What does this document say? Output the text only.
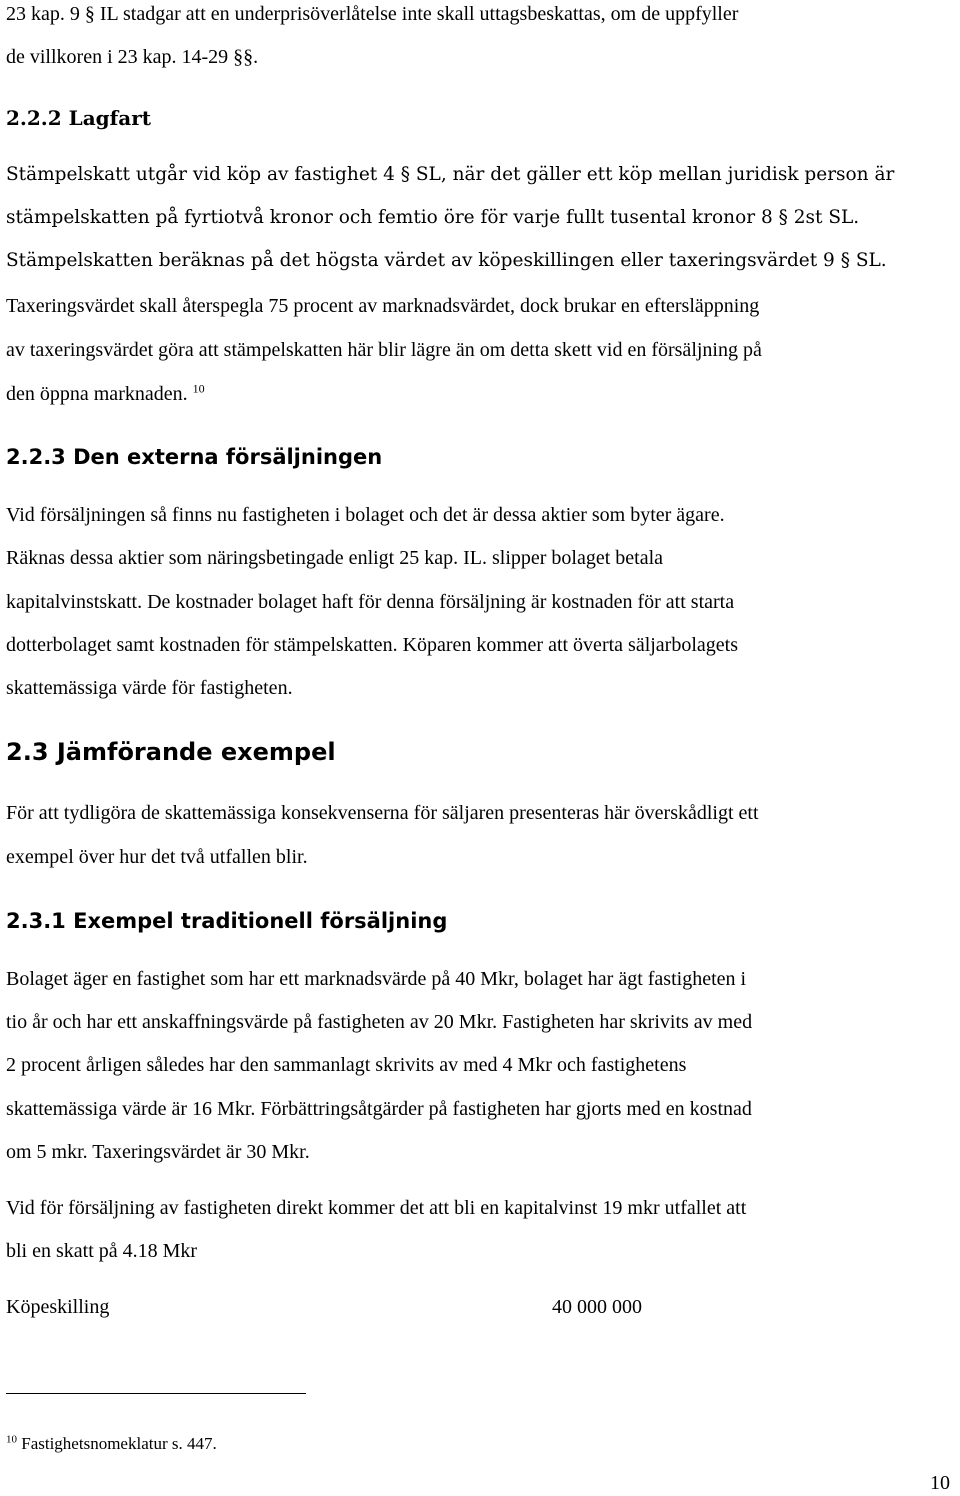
23 kap. 9 § IL stadgar att en underprisöverlåtelse inte skall uttagsbeskattas, om de uppfyller
de villkoren i 23 kap. 14-29 §§.
2.2.2 Lagfart
Stämpelskatt utgår vid köp av fastighet 4 § SL, när det gäller ett köp mellan juridisk person är
stämpelskatten på fyrtiotvå kronor och femtio öre för varje fullt tusental kronor 8 § 2st SL.
Stämpelskatten beräknas på det högsta värdet av köpeskillingen eller taxeringsvärdet 9 § SL.
Taxeringsvärdet skall återspegla 75 procent av marknadsvärdet, dock brukar en eftersläppning
av taxeringsvärdet göra att stämpelskatten här blir lägre än om detta skett vid en försäljning på
den öppna marknaden. $^{10}$
2.2.3 Den externa försäljningen
Vid försäljningen så finns nu fastigheten i bolaget och det är dessa aktier som byter ägare.
Räknas dessa aktier som näringsbetingade enligt 25 kap. IL. slipper bolaget betala
kapitalvinstskatt. De kostnader bolaget haft för denna försäljning är kostnaden för att starta
dotterbolaget samt kostnaden för stämpelskatten. Köparen kommer att överta säljarbolagets
skattemässiga värde för fastigheten.
2.3 Jämförande exempel
För att tydligöra de skattemässiga konsekvenserna för säljaren presenteras här överskådligt ett
exempel över hur det två utfallen blir.
2.3.1 Exempel traditionell försäljning
Bolaget äger en fastighet som har ett marknadsvärde på 40 Mkr, bolaget har ägt fastigheten i
tio år och har ett anskaffningsvärde på fastigheten av 20 Mkr. Fastigheten har skrivits av med
2 procent årligen således har den sammanlagt skrivits av med 4 Mkr och fastighetens
skattemässiga värde är 16 Mkr. Förbättringsåtgärder på fastigheten har gjorts med en kostnad
om 5 mkr. Taxeringsvärdet är 30 Mkr.
Vid för försäljning av fastigheten direkt kommer det att bli en kapitalvinst 19 mkr utfallet att
bli en skatt på 4.18 Mkr
Köpeskilling	40 000 000
$^{10}$ Fastighetsnomeklatur s. 447.
10
